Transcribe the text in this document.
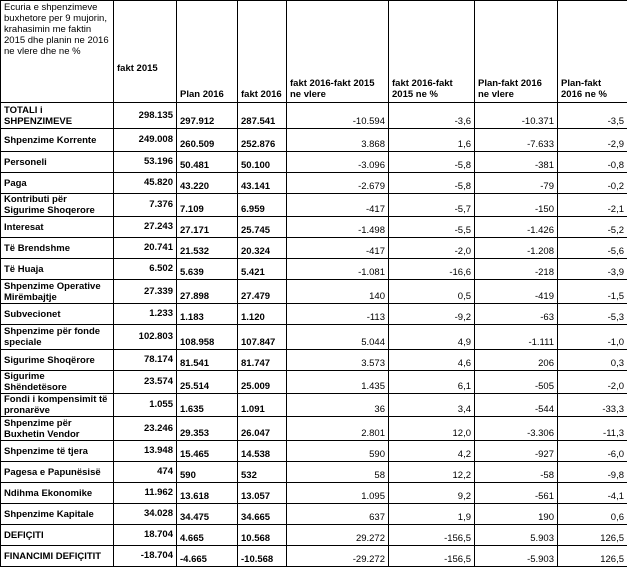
Ecuria e shpenzimeve buxhetore per 9 mujorin, krahasimin me faktin 2015 dhe planin ne 2016 ne vlere dhe ne %	fakt 2015	Plan 2016	fakt 2016	fakt 2016-fakt 2015 ne vlere	fakt 2016-fakt 2015 ne %	Plan-fakt 2016 ne vlere	Plan-fakt 2016 ne %
TOTALI i SHPENZIMEVE	298.135	297.912	287.541	-10.594	-3,6	-10.371	-3,5
Shpenzime Korrente	249.008	260.509	252.876	3.868	1,6	-7.633	-2,9
Personeli	53.196	50.481	50.100	-3.096	-5,8	-381	-0,8
Paga	45.820	43.220	43.141	-2.679	-5,8	-79	-0,2
Kontributi për Sigurime Shoqerore	7.376	7.109	6.959	-417	-5,7	-150	-2,1
Interesat	27.243	27.171	25.745	-1.498	-5,5	-1.426	-5,2
Të Brendshme	20.741	21.532	20.324	-417	-2,0	-1.208	-5,6
Të Huaja	6.502	5.639	5.421	-1.081	-16,6	-218	-3,9
Shpenzime Operative Mirëmbajtje	27.339	27.898	27.479	140	0,5	-419	-1,5
Subvecionet	1.233	1.183	1.120	-113	-9,2	-63	-5,3
Shpenzime për fonde speciale	102.803	108.958	107.847	5.044	4,9	-1.111	-1,0
Sigurime Shoqërore	78.174	81.541	81.747	3.573	4,6	206	0,3
Sigurime Shëndetësore	23.574	25.514	25.009	1.435	6,1	-505	-2,0
Fondi i kompensimit të pronarëve	1.055	1.635	1.091	36	3,4	-544	-33,3
Shpenzime për Buxhetin Vendor	23.246	29.353	26.047	2.801	12,0	-3.306	-11,3
Shpenzime të tjera	13.948	15.465	14.538	590	4,2	-927	-6,0
Pagesa e Papunësisë	474	590	532	58	12,2	-58	-9,8
Ndihma Ekonomike	11.962	13.618	13.057	1.095	9,2	-561	-4,1
Shpenzime Kapitale	34.028	34.475	34.665	637	1,9	190	0,6
DEFIÇITI	18.704	4.665	10.568	29.272	-156,5	5.903	126,5
FINANCIMI DEFIÇITIT	-18.704	-4.665	-10.568	-29.272	-156,5	-5.903	126,5
